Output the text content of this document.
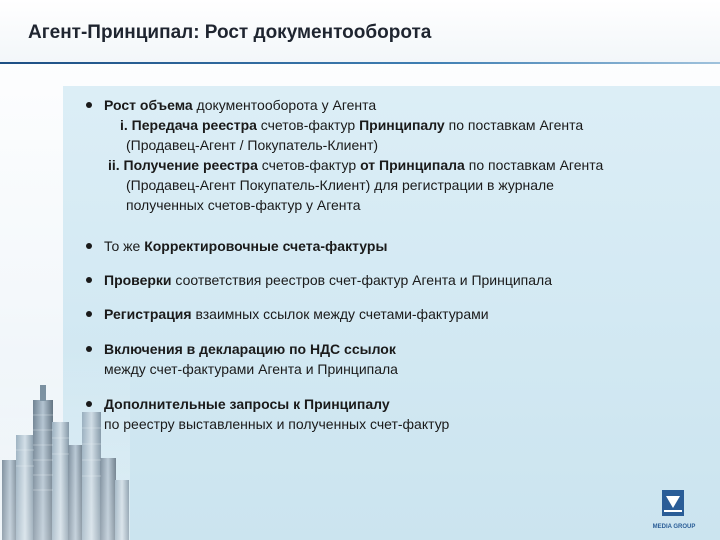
Агент-Принципал: Рост документооборота
Рост объема документооборота у Агента
i. Передача реестра счетов-фактур Принципалу по поставкам Агента
(Продавец-Агент / Покупатель-Клиент)
ii. Получение реестра счетов-фактур от Принципала по поставкам Агента
(Продавец-Агент Покупатель-Клиент) для регистрации в журнале
полученных счетов-фактур у Агента
То же Корректировочные счета-фактуры
Проверки соответствия реестров счет-фактур Агента и Принципала
Регистрация взаимных ссылок между счетами-фактурами
Включения в декларацию по НДС ссылок
между счет-фактурами Агента и Принципала
Дополнительные запросы к Принципалу
по реестру выставленных и полученных счет-фактур
MEDIA GROUP
